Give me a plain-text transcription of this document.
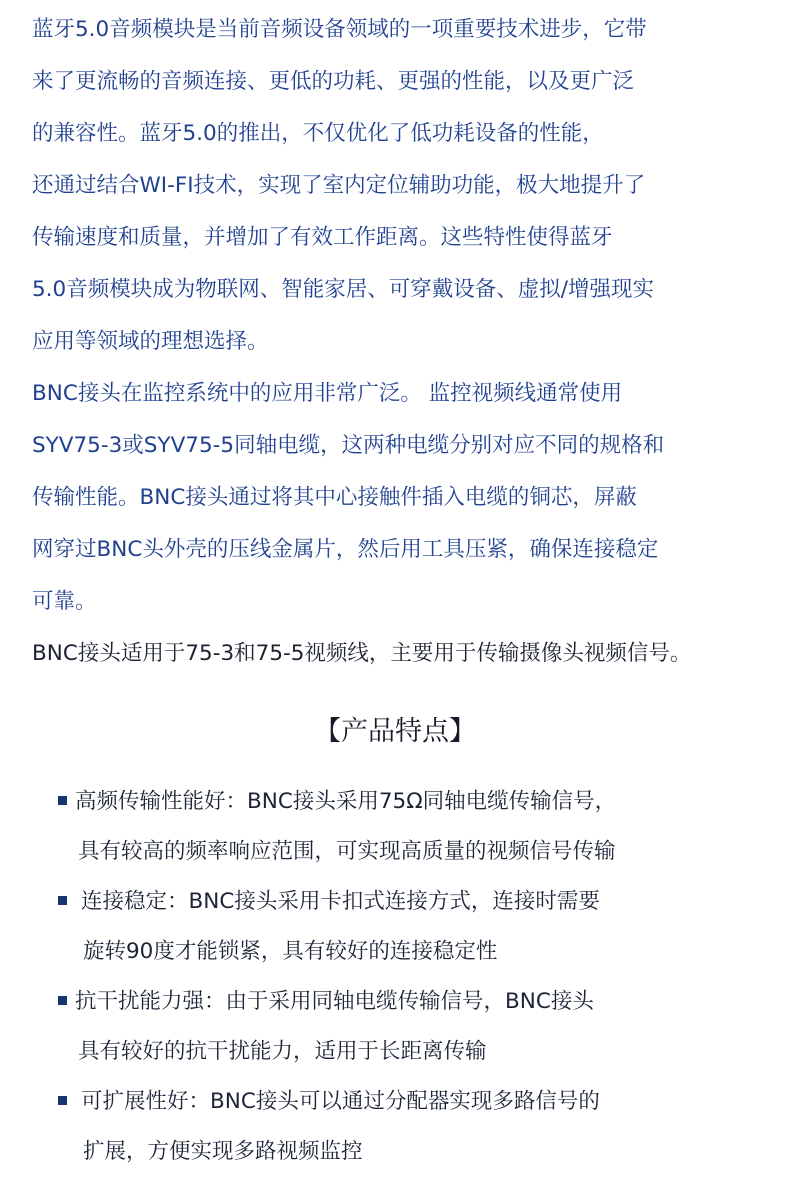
蓝牙5.0音频模块是当前音频设备领域的一项重要技术进步，它带
来了更流畅的音频连接、更低的功耗、更强的性能，以及更广泛
的兼容性。蓝牙5.0的推出，不仅优化了低功耗设备的性能，
还通过结合WI-FI技术，实现了室内定位辅助功能，极大地提升了
传输速度和质量，并增加了有效工作距离。这些特性使得蓝牙
5.0音频模块成为物联网、智能家居、可穿戴设备、虚拟/增强现实
应用等领域的理想选择。
BNC接头在监控系统中的应用非常广泛。 监控视频线通常使用
SYV75-3或SYV75-5同轴电缆，这两种电缆分别对应不同的规格和
传输性能。BNC接头通过将其中心接触件插入电缆的铜芯，屏蔽
网穿过BNC头外壳的压线金属片，然后用工具压紧，确保连接稳定
可靠。
BNC接头适用于75-3和75-5视频线，主要用于传输摄像头视频信号。
【产品特点】
高频传输性能好：BNC接头采用75Ω同轴电缆传输信号，
具有较高的频率响应范围，可实现高质量的视频信号传输
连接稳定：BNC接头采用卡扣式连接方式，连接时需要
旋转90度才能锁紧，具有较好的连接稳定性
抗干扰能力强：由于采用同轴电缆传输信号，BNC接头
具有较好的抗干扰能力，适用于长距离传输
可扩展性好：BNC接头可以通过分配器实现多路信号的
扩展，方便实现多路视频监控
